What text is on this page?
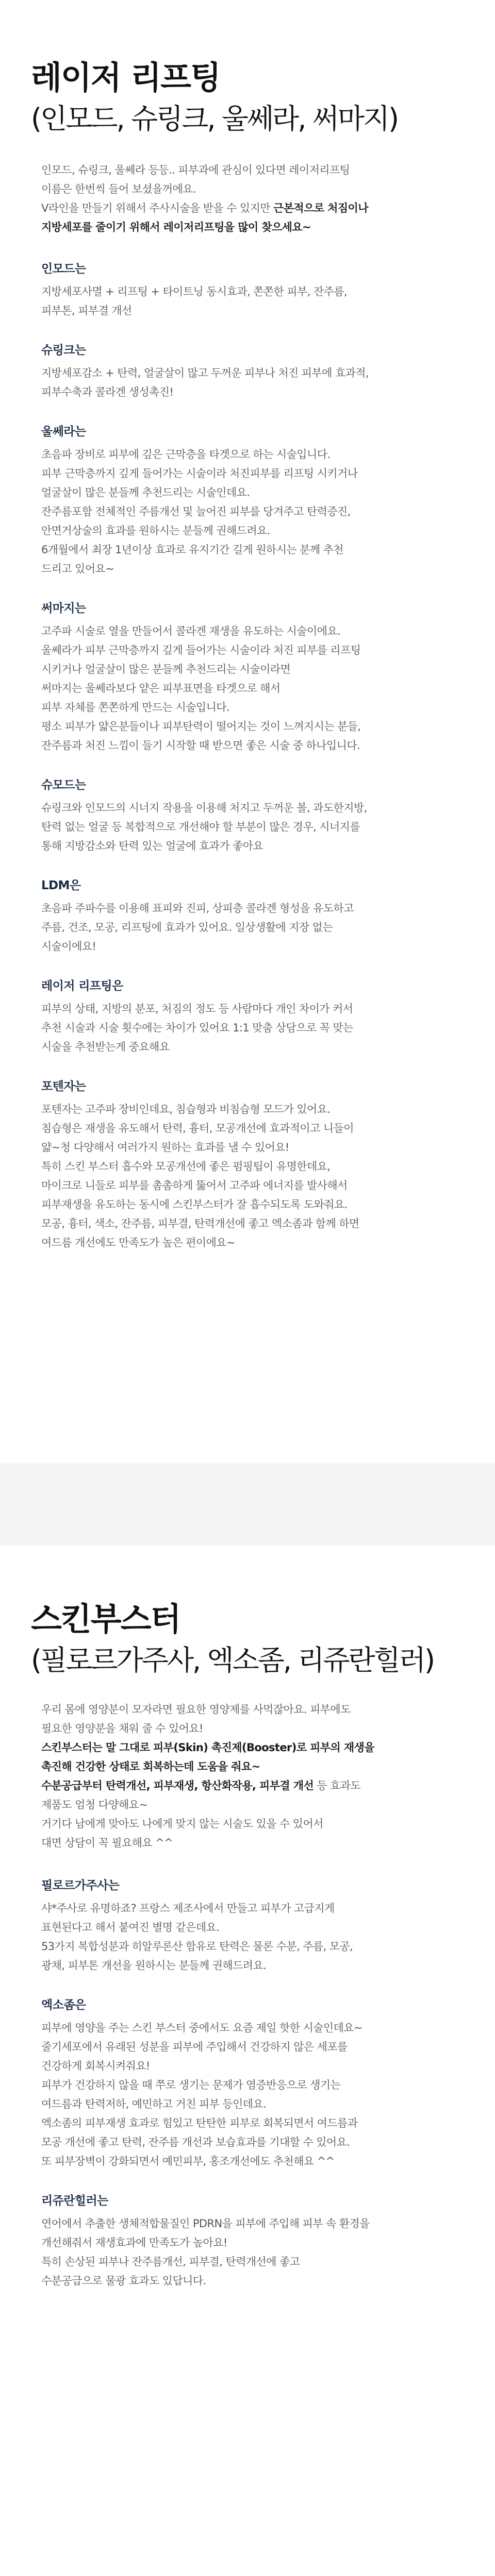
레이저 리프팅
(인모드, 슈링크, 울쎄라, 써마지)
인모드, 슈링크, 울쎄라 등등.. 피부과에 관심이 있다면 레이저리프팅
이름은 한번씩 들어 보셨을꺼에요.
V라인을 만들기 위해서 주사시술을 받을 수 있지만 근본적으로 처짐이나
지방세포를 줄이기 위해서 레이저리프팅을 많이 찾으세요~
인모드는
지방세포사멸 + 리프팅 + 타이트닝 동시효과, 쫀쫀한 피부, 잔주름,
피부톤, 피부결 개선
슈링크는
지방세포감소 + 탄력, 얼굴살이 많고 두꺼운 피부나 처진 피부에 효과적,
피부수축과 콜라겐 생성촉진!
울쎄라는
초음파 장비로 피부에 깊은 근막층을 타겟으로 하는 시술입니다.
피부 근막층까지 깊게 들어가는 시술이라 처진피부를 리프팅 시키거나
얼굴살이 많은 분들께 추천드리는 시술인데요.
잔주름포함 전체적인 주름개선 및 늘어진 피부를 당겨주고 탄력증진,
안면거상술의 효과를 원하시는 분들께 권해드려요.
6개월에서 최장 1년이상 효과로 유지기간 길게 원하시는 분께 추천
드리고 있어요~
써마지는
고주파 시술로 열을 만들어서 콜라겐 재생을 유도하는 시술이에요.
울쎄라가 피부 근막층까지 깊게 들어가는 시술이라 처진 피부를 리프팅
시키거나 얼굴살이 많은 분들께 추천드리는 시술이라면
써마지는 울쎄라보다 얕은 피부표면을 타겟으로 해서
피부 자체를 쫀쫀하게 만드는 시술입니다.
평소 피부가 얇은분들이나 피부탄력이 떨어지는 것이 느껴지시는 분들,
잔주름과 처진 느낌이 들기 시작할 때 받으면 좋은 시술 중 하나입니다.
슈모드는
슈링크와 인모드의 시너지 작용을 이용해 처지고 두꺼운 볼, 과도한지방,
탄력 없는 얼굴 등 복합적으로 개선해야 할 부분이 많은 경우, 시너지를
통해 지방감소와 탄력 있는 얼굴에 효과가 좋아요
LDM은
초음파 주파수를 이용해 표피와 진피, 상피층 콜라겐 형성을 유도하고
주름, 건조, 모공, 리프팅에 효과가 있어요. 일상생활에 지장 없는
시술이에요!
레이저 리프팅은
피부의 상태, 지방의 분포, 처짐의 정도 등 사람마다 개인 차이가 커서
추천 시술과 시술 횟수에는 차이가 있어요 1:1 맞춤 상담으로 꼭 맞는
시술을 추천받는게 중요해요
포텐자는
포텐자는 고주파 장비인데요, 침습형과 비침습형 모드가 있어요.
침습형은 재생을 유도해서 탄력, 흉터, 모공개선에 효과적이고 니들이
얇~청 다양해서 여러가지 원하는 효과를 낼 수 있어요!
특히 스킨 부스터 흡수와 모공개선에 좋은 펌핑팁이 유명한데요,
마이크로 니들로 피부를 촘촘하게 뚫어서 고주파 에너지를 발사해서
피부재생을 유도하는 동시에 스킨부스터가 잘 흡수되도록 도와줘요.
모공, 흉터, 색소, 잔주름, 피부결, 탄력개선에 좋고 엑소좀과 함께 하면
여드름 개선에도 만족도가 높은 편이에요~
스킨부스터
(필로르가주사, 엑소좀, 리쥬란힐러)
우리 몸에 영양분이 모자라면 필요한 영양제를 사먹잖아요. 피부에도
필요한 영양분을 채워 줄 수 있어요!
스킨부스터는 말 그대로 피부(Skin) 촉진제(Booster)로 피부의 재생을
촉진해 건강한 상태로 회복하는데 도움을 줘요~
수분공급부터 탄력개선, 피부재생, 항산화작용, 피부결 개선 등 효과도
제품도 엄청 다양해요~
거기다 남에게 맞아도 나에게 맞지 않는 시술도 있을 수 있어서
대면 상담이 꼭 필요해요 ^^
필로르가주사는
샤*주사로 유명하죠? 프랑스 제조사에서 만들고 피부가 고급지게
표현된다고 해서 붙여진 별명 같은데요.
53가지 복합성분과 히알루론산 함유로 탄력은 물론 수분, 주름, 모공,
광채, 피부톤 개선을 원하시는 분들께 권해드려요.
엑소좀은
피부에 영양을 주는 스킨 부스터 중에서도 요즘 제일 핫한 시술인데요~
줄기세포에서 유래된 성분을 피부에 주입해서 건강하지 않은 세포를
건강하게 회복시켜줘요!
피부가 건강하지 않을 때 쭈로 생기는 문제가 염증반응으로 생기는
여드름과 탄력저하, 예민하고 거친 피부 등인데요.
엑소좀의 피부재생 효과로 힘있고 탄탄한 피부로 회복되면서 여드름과
모공 개선에 좋고 탄력, 잔주름 개선과 보습효과를 기대할 수 있어요.
또 피부장벽이 강화되면서 예민피부, 홍조개선에도 추천해요 ^^
리쥬란힐러는
연어에서 추출한 생체적합물질인 PDRN을 피부에 주입해 피부 속 환경을
개선해줘서 재생효과에 만족도가 높아요!
특히 손상된 피부나 잔주름개선, 피부결, 탄력개선에 좋고
수분공급으로 물광 효과도 있답니다.
